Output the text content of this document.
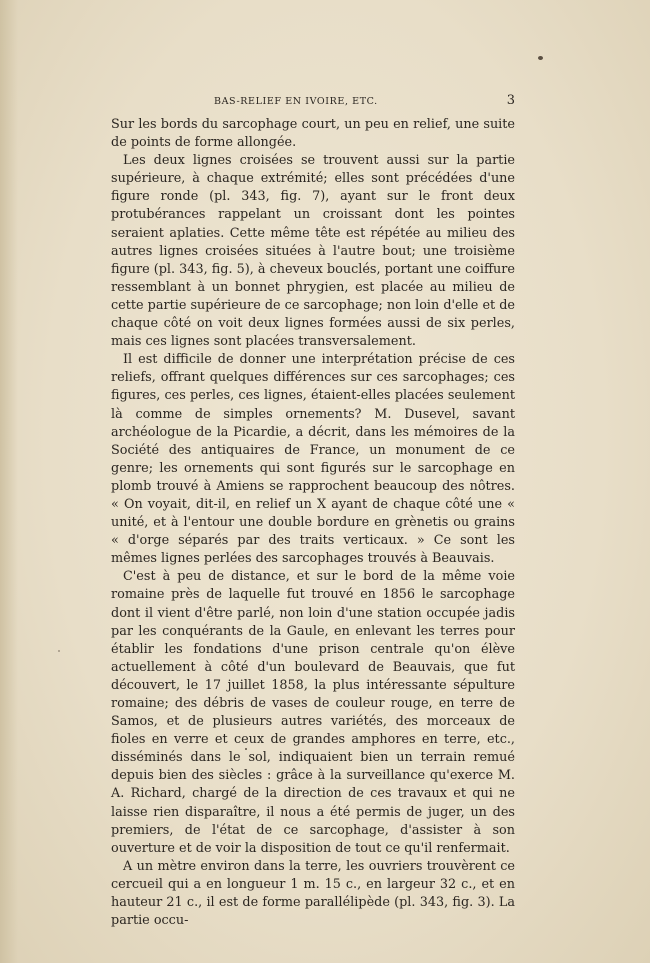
BAS-RELIEF EN IVOIRE, ETC.	3

Sur les bords du sarcophage court, un peu en relief, une suite de points de forme allongée.

Les deux lignes croisées se trouvent aussi sur la partie supérieure, à chaque extrémité; elles sont précédées d'une figure ronde (pl. 343, fig. 7), ayant sur le front deux protubérances rappelant un croissant dont les pointes seraient aplaties. Cette même tête est répétée au milieu des autres lignes croisées situées à l'autre bout; une troisième figure (pl. 343, fig. 5), à cheveux bouclés, portant une coiffure ressemblant à un bonnet phrygien, est placée au milieu de cette partie supérieure de ce sarcophage; non loin d'elle et de chaque côté on voit deux lignes formées aussi de six perles, mais ces lignes sont placées transversalement.

Il est difficile de donner une interprétation précise de ces reliefs, offrant quelques différences sur ces sarcophages; ces figures, ces perles, ces lignes, étaient-elles placées seulement là comme de simples ornements? M. Dusevel, savant archéologue de la Picardie, a décrit, dans les mémoires de la Société des antiquaires de France, un monument de ce genre; les ornements qui sont figurés sur le sarcophage en plomb trouvé à Amiens se rapprochent beaucoup des nôtres. « On voyait, dit-il, en relief un X ayant de chaque côté une « unité, et à l'entour une double bordure en grènetis ou grains « d'orge séparés par des traits verticaux. » Ce sont les mêmes lignes perlées des sarcophages trouvés à Beauvais.

C'est à peu de distance, et sur le bord de la même voie romaine près de laquelle fut trouvé en 1856 le sarcophage dont il vient d'être parlé, non loin d'une station occupée jadis par les conquérants de la Gaule, en enlevant les terres pour établir les fondations d'une prison centrale qu'on élève actuellement à côté d'un boulevard de Beauvais, que fut découvert, le 17 juillet 1858, la plus intéressante sépulture romaine; des débris de vases de couleur rouge, en terre de Samos, et de plusieurs autres variétés, des morceaux de fioles en verre et ceux de grandes amphores en terre, etc., disséminés dans le sol, indiquaient bien un terrain remué depuis bien des siècles : grâce à la surveillance qu'exerce M. A. Richard, chargé de la direction de ces travaux et qui ne laisse rien disparaître, il nous a été permis de juger, un des premiers, de l'état de ce sarcophage, d'assister à son ouverture et de voir la disposition de tout ce qu'il renfermait.

A un mètre environ dans la terre, les ouvriers trouvèrent ce cercueil qui a en longueur 1 m. 15 c., en largeur 32 c., et en hauteur 21 c., il est de forme parallélipède (pl. 343, fig. 3). La partie occu-
